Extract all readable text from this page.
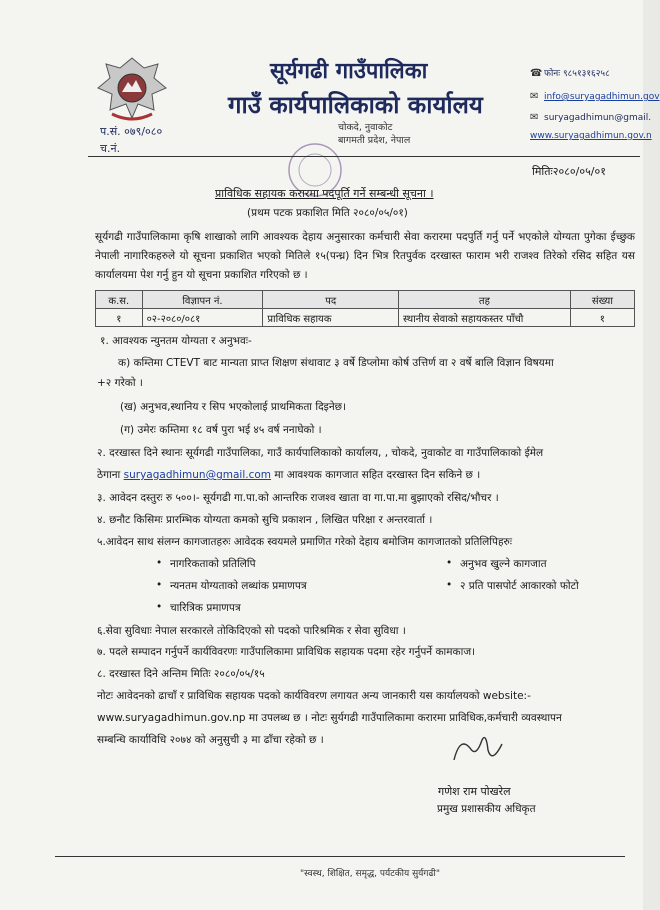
प.सं. ०७९/०८०
च.नं.
सूर्यगढी गाउँपालिका
गाउँ कार्यपालिकाको कार्यालय
चोकदे, नुवाकोट
बागमती प्रदेश, नेपाल
☎ फोनः ९८५१३१६२५८
✉ info@suryagadhimun.gov
✉ suryagadhimun@gmail.
www.suryagadhimun.gov.n
मितिः२०८०/०५/०१
प्राविधिक सहायक करारमा पदपूर्ति गर्ने सम्बन्धी सूचना ।
(प्रथम पटक प्रकाशित मिति २०८०/०५/०१)
सूर्यगढी गाउँपालिकामा कृषि शाखाको लागि आवश्यक देहाय अनुसारका कर्मचारी सेवा करारमा पदपुर्ति गर्नु पर्ने भएकोले योग्यता पुगेका ईच्छुक नेपाली नागारिकहरुले यो सूचना प्रकाशित भएको मितिले १५(पन्ध्र) दिन भित्र रितपुर्वक दरखास्त फाराम भरी राजश्व तिरेको रसिद सहित यस कार्यालयमा पेश गर्नु हुन यो सूचना प्रकाशित गरिएको छ ।
क.स.	विज्ञापन नं.	पद	तह	संख्या
१	०२-२०८०/०८१	प्राविधिक सहायक	स्थानीय सेवाको सहायकस्तर पाँचौ	१
१. आवश्यक न्युनतम योग्यता र अनुभवः-
क) कम्तिमा CTEVT बाट मान्यता प्राप्त शिक्षण संथावाट ३ वर्षे डिप्लोमा कोर्ष उत्तिर्ण वा २ वर्षे बालि विज्ञान विषयमा
+२ गरेको ।
(ख) अनुभव,स्थानिय र सिप भएकोलाई प्राथमिकता दिइनेछ।
(ग) उमेरः कम्तिमा १८ वर्ष पुरा भई ४५ वर्ष ननाघेको ।
२. दरखास्त दिने स्थानः सूर्यगढी गाउँपालिका, गाउँ कार्यपालिकाको कार्यालय, , चोकदे, नुवाकोट वा गाउँपालिकाको ईमेल
ठेगाना suryagadhimun@gmail.com मा आवश्यक कागजात सहित दरखास्त दिन सकिने छ ।
३. आवेदन दस्तुरः रु ५००।- सूर्यगढी गा.पा.को आन्तरिक राजश्व खाता वा गा.पा.मा बुझाएको रसिद/भौचर ।
४. छनौट किसिमः प्रारम्भिक योग्यता कमको सुचि प्रकाशन , लिखित परिक्षा र अन्तरवार्ता ।
५.आवेदन साथ संलग्न कागजातहरुः आवेदक स्वयमले प्रमाणित गरेको देहाय बमोजिम कागजातको प्रतिलिपिहरुः
• नागरिकताको प्रतिलिपि	• अनुभव खुल्ने कागजात
• न्यनतम योग्यताको लब्धांक प्रमाणपत्र	• २ प्रति पासपोर्ट आकारको फोटो
• चारित्रिक प्रमाणपत्र
६.सेवा सुविधाः नेपाल सरकारले तोकिदिएको सो पदको पारिश्रमिक र सेवा सुविधा ।
७. पदले सम्पादन गर्नुपर्ने कार्यविवरणः गाउँपालिकामा प्राविधिक सहायक पदमा रहेर गर्नुपर्ने कामकाज।
८. दरखास्त दिने अन्तिम मितिः २०८०/०५/१५
नोटः आवेदनको ढाचाँ र प्राविधिक सहायक पदको कार्यविवरण लगायत अन्य जानकारी यस कार्यालयको website:-
www.suryagadhimun.gov.np मा उपलब्ध छ । नोटः सुर्यगढी गाउँपालिकामा करारमा प्राविधिक,कर्मचारी व्यवस्थापन
सम्बन्धि कार्याविधि २०७४ को अनुसुची ३ मा ढाँचा रहेको छ ।
गणेश राम पोखरेल
प्रमुख प्रशासकीय अधिकृत
"स्वस्थ, शिक्षित, समृद्ध, पर्यटकीय सुर्यगढी"
